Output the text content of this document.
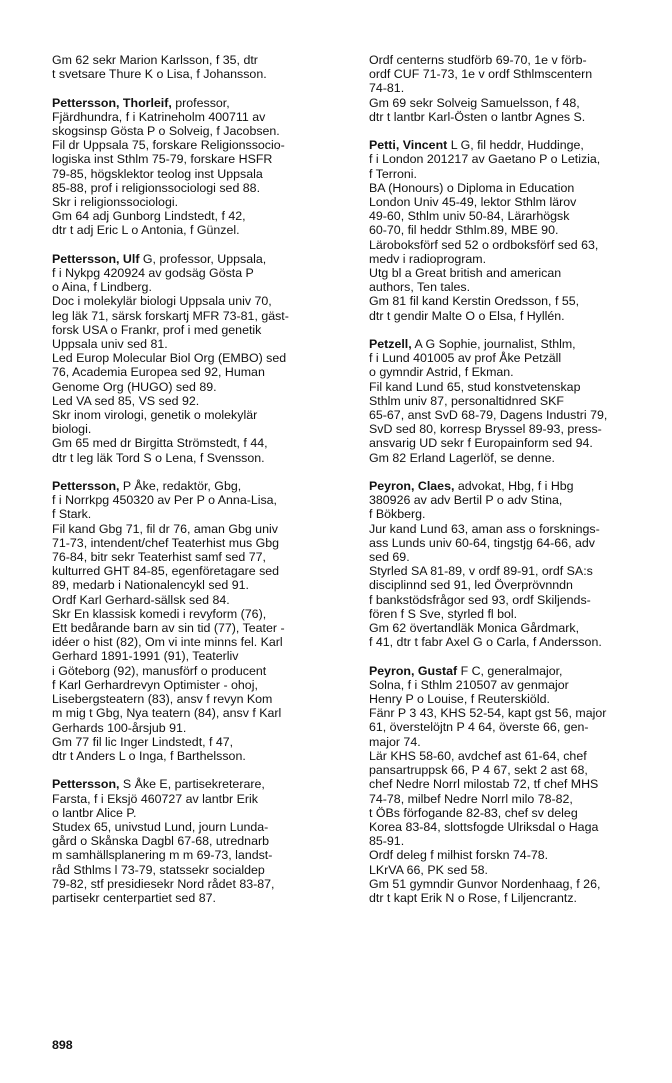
Gm 62 sekr Marion Karlsson, f 35, dtr
t svetsare Thure K o Lisa, f Johansson.
Pettersson, Thorleif, professor,
Fjärdhundra, f i Katrineholm 400711 av
skogsinsp Gösta P o Solveig, f Jacobsen.
Fil dr Uppsala 75, forskare Religionssocio-
logiska inst Sthlm 75-79, forskare HSFR
79-85, högsklektor teolog inst Uppsala
85-88, prof i religionssociologi sed 88.
Skr i religionssociologi.
Gm 64 adj Gunborg Lindstedt, f 42,
dtr t adj Eric L o Antonia, f Günzel.
Pettersson, Ulf G, professor, Uppsala,
f i Nykpg 420924 av godsäg Gösta P
o Aina, f Lindberg.
Doc i molekylär biologi Uppsala univ 70,
leg läk 71, särsk forskartj MFR 73-81, gäst-
forsk USA o Frankr, prof i med genetik
Uppsala univ sed 81.
Led Europ Molecular Biol Org (EMBO) sed
76, Academia Europea sed 92, Human
Genome Org (HUGO) sed 89.
Led VA sed 85, VS sed 92.
Skr inom virologi, genetik o molekylär
biologi.
Gm 65 med dr Birgitta Strömstedt, f 44,
dtr t leg läk Tord S o Lena, f Svensson.
Pettersson, P Åke, redaktör, Gbg,
f i Norrkpg 450320 av Per P o Anna-Lisa,
f Stark.
Fil kand Gbg 71, fil dr 76, aman Gbg univ
71-73, intendent/chef Teaterhist mus Gbg
76-84, bitr sekr Teaterhist samf sed 77,
kulturred GHT 84-85, egenföretagare sed
89, medarb i Nationalencykl sed 91.
Ordf Karl Gerhard-sällsk sed 84.
Skr En klassisk komedi i revyform (76),
Ett bedårande barn av sin tid (77), Teater -
idéer o hist (82), Om vi inte minns fel. Karl
Gerhard 1891-1991 (91), Teaterliv
i Göteborg (92), manusförf o producent
f Karl Gerhardrevyn Optimister - ohoj,
Lisebergsteatern (83), ansv f revyn Kom
m mig t Gbg, Nya teatern (84), ansv f Karl
Gerhards 100-årsjub 91.
Gm 77 fil lic Inger Lindstedt, f 47,
dtr t Anders L o Inga, f Barthelsson.
Pettersson, S Åke E, partisekreterare,
Farsta, f i Eksjö 460727 av lantbr Erik
o lantbr Alice P.
Studex 65, univstud Lund, journ Lunda-
gård o Skånska Dagbl 67-68, utrednarb
m samhällsplanering m m 69-73, landst-
råd Sthlms l 73-79, statssekr socialdep
79-82, stf presidiesekr Nord rådet 83-87,
partisekr centerpartiet sed 87.
Ordf centerns studförb 69-70, 1e v förb-
ordf CUF 71-73, 1e v ordf Sthlmscentern
74-81.
Gm 69 sekr Solveig Samuelsson, f 48,
dtr t lantbr Karl-Östen o lantbr Agnes S.
Petti, Vincent L G, fil heddr, Huddinge,
f i London 201217 av Gaetano P o Letizia,
f Terroni.
BA (Honours) o Diploma in Education
London Univ 45-49, lektor Sthlm lärov
49-60, Sthlm univ 50-84, Lärarhögsk
60-70, fil heddr Sthlm.89, MBE 90.
Läroboksförf sed 52 o ordboksförf sed 63,
medv i radioprogram.
Utg bl a Great british and american
authors, Ten tales.
Gm 81 fil kand Kerstin Oredsson, f 55,
dtr t gendir Malte O o Elsa, f Hyllén.
Petzell, A G Sophie, journalist, Sthlm,
f i Lund 401005 av prof Åke Petzäll
o gymndir Astrid, f Ekman.
Fil kand Lund 65, stud konstvetenskap
Sthlm univ 87, personaltidnred SKF
65-67, anst SvD 68-79, Dagens Industri 79,
SvD sed 80, korresp Bryssel 89-93, press-
ansvarig UD sekr f Europainform sed 94.
Gm 82 Erland Lagerlöf, se denne.
Peyron, Claes, advokat, Hbg, f i Hbg
380926 av adv Bertil P o adv Stina,
f Bökberg.
Jur kand Lund 63, aman ass o forsknings-
ass Lunds univ 60-64, tingstjg 64-66, adv
sed 69.
Styrled SA 81-89, v ordf 89-91, ordf SA:s
disciplinnd sed 91, led Överprövnndn
f bankstödsfrågor sed 93, ordf Skiljends-
fören f S Sve, styrled fl bol.
Gm 62 övertandläk Monica Gårdmark,
f 41, dtr t fabr Axel G o Carla, f Andersson.
Peyron, Gustaf F C, generalmajor,
Solna, f i Sthlm 210507 av genmajor
Henry P o Louise, f Reuterskiöld.
Fänr P 3 43, KHS 52-54, kapt gst 56, major
61, överstelöjtn P 4 64, överste 66, gen-
major 74.
Lär KHS 58-60, avdchef ast 61-64, chef
pansartruppsk 66, P 4 67, sekt 2 ast 68,
chef Nedre Norrl milostab 72, tf chef MHS
74-78, milbef Nedre Norrl milo 78-82,
t ÖBs förfogande 82-83, chef sv deleg
Korea 83-84, slottsfogde Ulriksdal o Haga
85-91.
Ordf deleg f milhist forskn 74-78.
LKrVA 66, PK sed 58.
Gm 51 gymndir Gunvor Nordenhaag, f 26,
dtr t kapt Erik N o Rose, f Liljencrantz.
898
